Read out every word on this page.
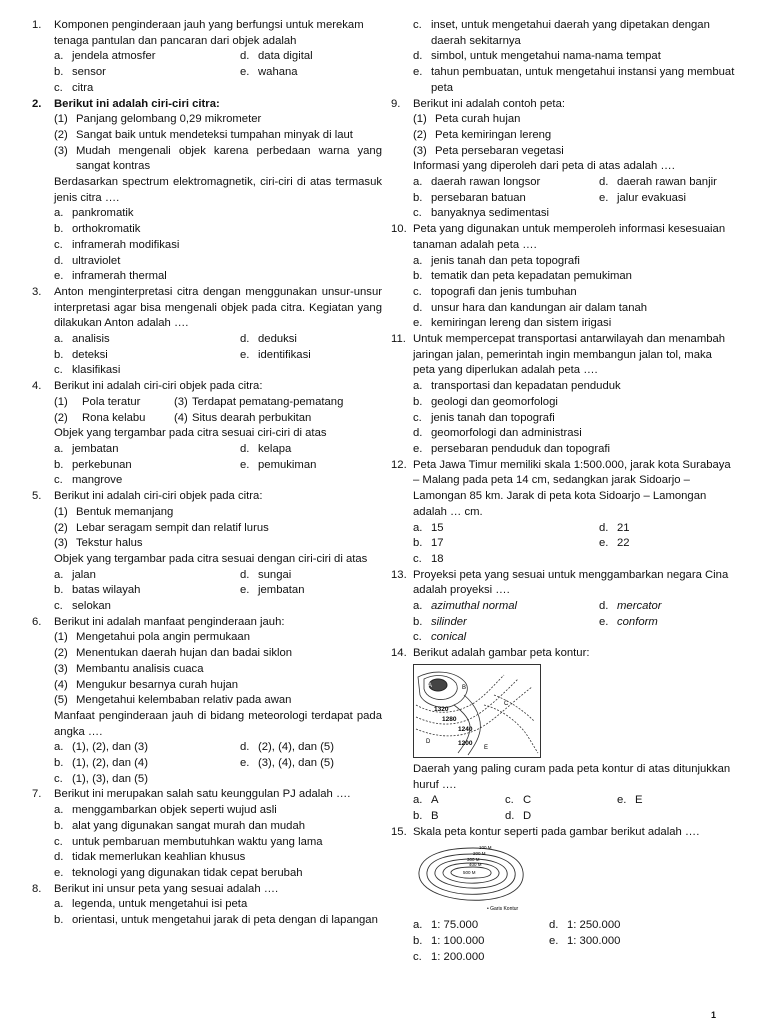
1. Komponen penginderaan jauh yang berfungsi untuk merekam tenaga pantulan dan pancaran dari objek adalah
a. jendela atmosfer	d. data digital
b. sensor	e. wahana
c. citra
2. Berikut ini adalah ciri-ciri citra:
(1) Panjang gelombang 0,29 mikrometer
(2) Sangat baik untuk mendeteksi tumpahan minyak di laut
(3) Mudah mengenali objek karena perbedaan warna yang sangat kontras
Berdasarkan spectrum elektromagnetik, ciri-ciri di atas termasuk jenis citra ….
a. pankromatik
b. orthokromatik
c. inframerah modifikasi
d. ultraviolet
e. inframerah thermal
3. Anton menginterpretasi citra dengan menggunakan unsur-unsur interpretasi agar bisa mengenali objek pada citra. Kegiatan yang dilakukan Anton adalah ….
a. analisis	d. deduksi
b. deteksi	e. identifikasi
c. klasifikasi
4. Berikut ini adalah ciri-ciri objek pada citra:
(1)	Pola teratur	(3) Terdapat pematang-pematang
(2)	Rona kelabu	(4) Situs dearah perbukitan
Objek yang tergambar pada citra sesuai ciri-ciri di atas
a. jembatan	d. kelapa
b. perkebunan	e. pemukiman
c. mangrove
5. Berikut ini adalah ciri-ciri objek pada citra:
(1) Bentuk memanjang
(2) Lebar seragam sempit dan relatif lurus
(3) Tekstur halus
Objek yang tergambar pada citra sesuai dengan ciri-ciri di atas
a. jalan	d. sungai
b. batas wilayah	e. jembatan
c. selokan
6. Berikut ini adalah manfaat penginderaan jauh:
(1) Mengetahui pola angin permukaan
(2) Menentukan daerah hujan dan badai siklon
(3) Membantu analisis cuaca
(4) Mengukur besarnya curah hujan
(5) Mengetahui kelembaban relativ pada awan
Manfaat penginderaan jauh di bidang meteorologi terdapat pada angka ….
a. (1), (2), dan (3)	d. (2), (4), dan (5)
b. (1), (2), dan (4)	e. (3), (4), dan (5)
c. (1), (3), dan (5)
7. Berikut ini merupakan salah satu keunggulan PJ adalah ….
a. menggambarkan objek seperti wujud asli
b. alat yang digunakan sangat murah dan mudah
c. untuk pembaruan membutuhkan waktu yang lama
d. tidak memerlukan keahlian khusus
e. teknologi yang digunakan tidak cepat berubah
8. Berikut ini unsur peta yang sesuai adalah ….
a. legenda, untuk mengetahui isi peta
b. orientasi, untuk mengetahui jarak di peta dengan di lapangan
c. inset, untuk mengetahui daerah yang dipetakan dengan daerah sekitarnya
d. simbol, untuk mengetahui nama-nama tempat
e. tahun pembuatan, untuk mengetahui instansi yang membuat peta
9. Berikut ini adalah contoh peta:
(1) Peta curah hujan
(2) Peta kemiringan lereng
(3) Peta persebaran vegetasi
Informasi yang diperoleh dari peta di atas adalah ….
a. daerah rawan longsor	d. daerah rawan banjir
b. persebaran batuan	e. jalur evakuasi
c. banyaknya sedimentasi
10. Peta yang digunakan untuk memperoleh informasi kesesuaian tanaman adalah peta ….
a. jenis tanah dan peta topografi
b. tematik dan peta kepadatan pemukiman
c. topografi dan jenis tumbuhan
d. unsur hara dan kandungan air dalam tanah
e. kemiringan lereng dan sistem irigasi
11. Untuk mempercepat transportasi antarwilayah dan menambah jaringan jalan, pemerintah ingin membangun jalan tol, maka peta yang diperlukan adalah peta ….
a. transportasi dan kepadatan penduduk
b. geologi dan geomorfologi
c. jenis tanah dan topografi
d. geomorfologi dan administrasi
e. persebaran penduduk dan topografi
12. Peta Jawa Timur memiliki skala 1:500.000, jarak kota Surabaya – Malang pada peta 14 cm, sedangkan jarak Sidoarjo – Lamongan 85 km. Jarak di peta kota Sidoarjo – Lamongan adalah … cm.
a. 15	d. 21
b. 17	e. 22
c. 18
13. Proyeksi peta yang sesuai untuk menggambarkan negara Cina adalah proyeksi ….
a. azimuthal normal	d. mercator
b. silinder	e. conform
c. conical
14. Berikut adalah gambar peta kontur:
1320
1280
1240
1200
A	B
C
D
E
Daerah yang paling curam pada peta kontur di atas ditunjukkan huruf ….
a. A	c. C	e. E
b. B	d. D
15. Skala peta kontur seperti pada gambar berikut adalah ….
100 M
200 M
300 M
400 M
500 M
• Garis Kontur
a. 1: 75.000	d. 1: 250.000
b. 1: 100.000	e. 1: 300.000
c. 1: 200.000
1
